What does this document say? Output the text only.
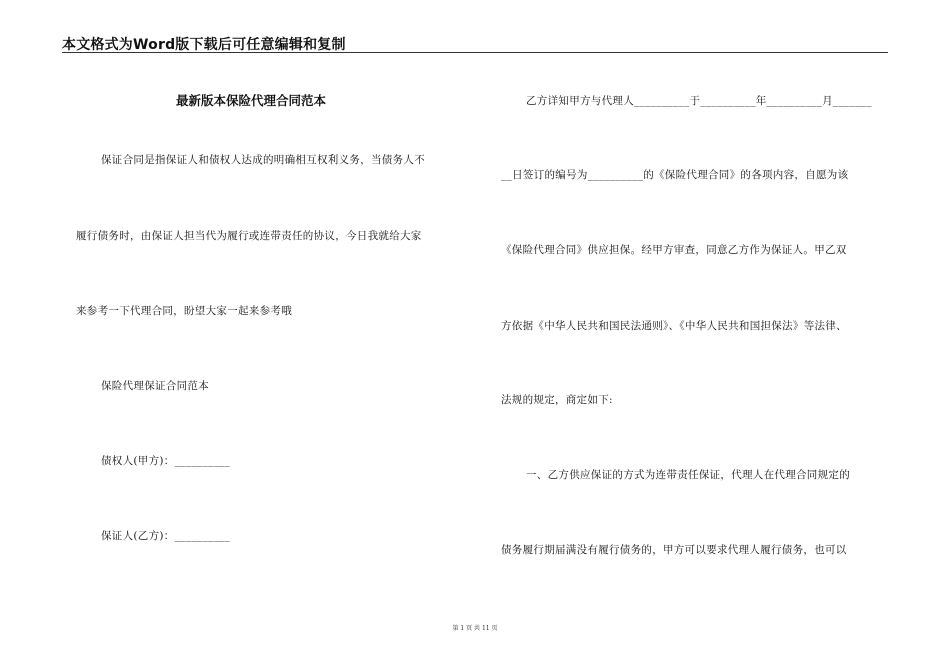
本文格式为Word版下载后可任意编辑和复制
最新版本保险代理合同范本
保证合同是指保证人和债权人达成的明确相互权利义务，当债务人不
履行债务时，由保证人担当代为履行或连带责任的协议，今日我就给大家
来参考一下代理合同，盼望大家一起来参考哦
保险代理保证合同范本
债权人(甲方)：__________
保证人(乙方)：__________
乙方详知甲方与代理人__________于__________年__________月_______
__日签订的编号为__________的《保险代理合同》的各项内容，自愿为该
《保险代理合同》供应担保。经甲方审查，同意乙方作为保证人。甲乙双
方依据《中华人民共和国民法通则》、《中华人民共和国担保法》等法律、
法规的规定，商定如下:
一、乙方供应保证的方式为连带责任保证，代理人在代理合同规定的
债务履行期届满没有履行债务的，甲方可以要求代理人履行债务，也可以
第 1 页 共 11 页
